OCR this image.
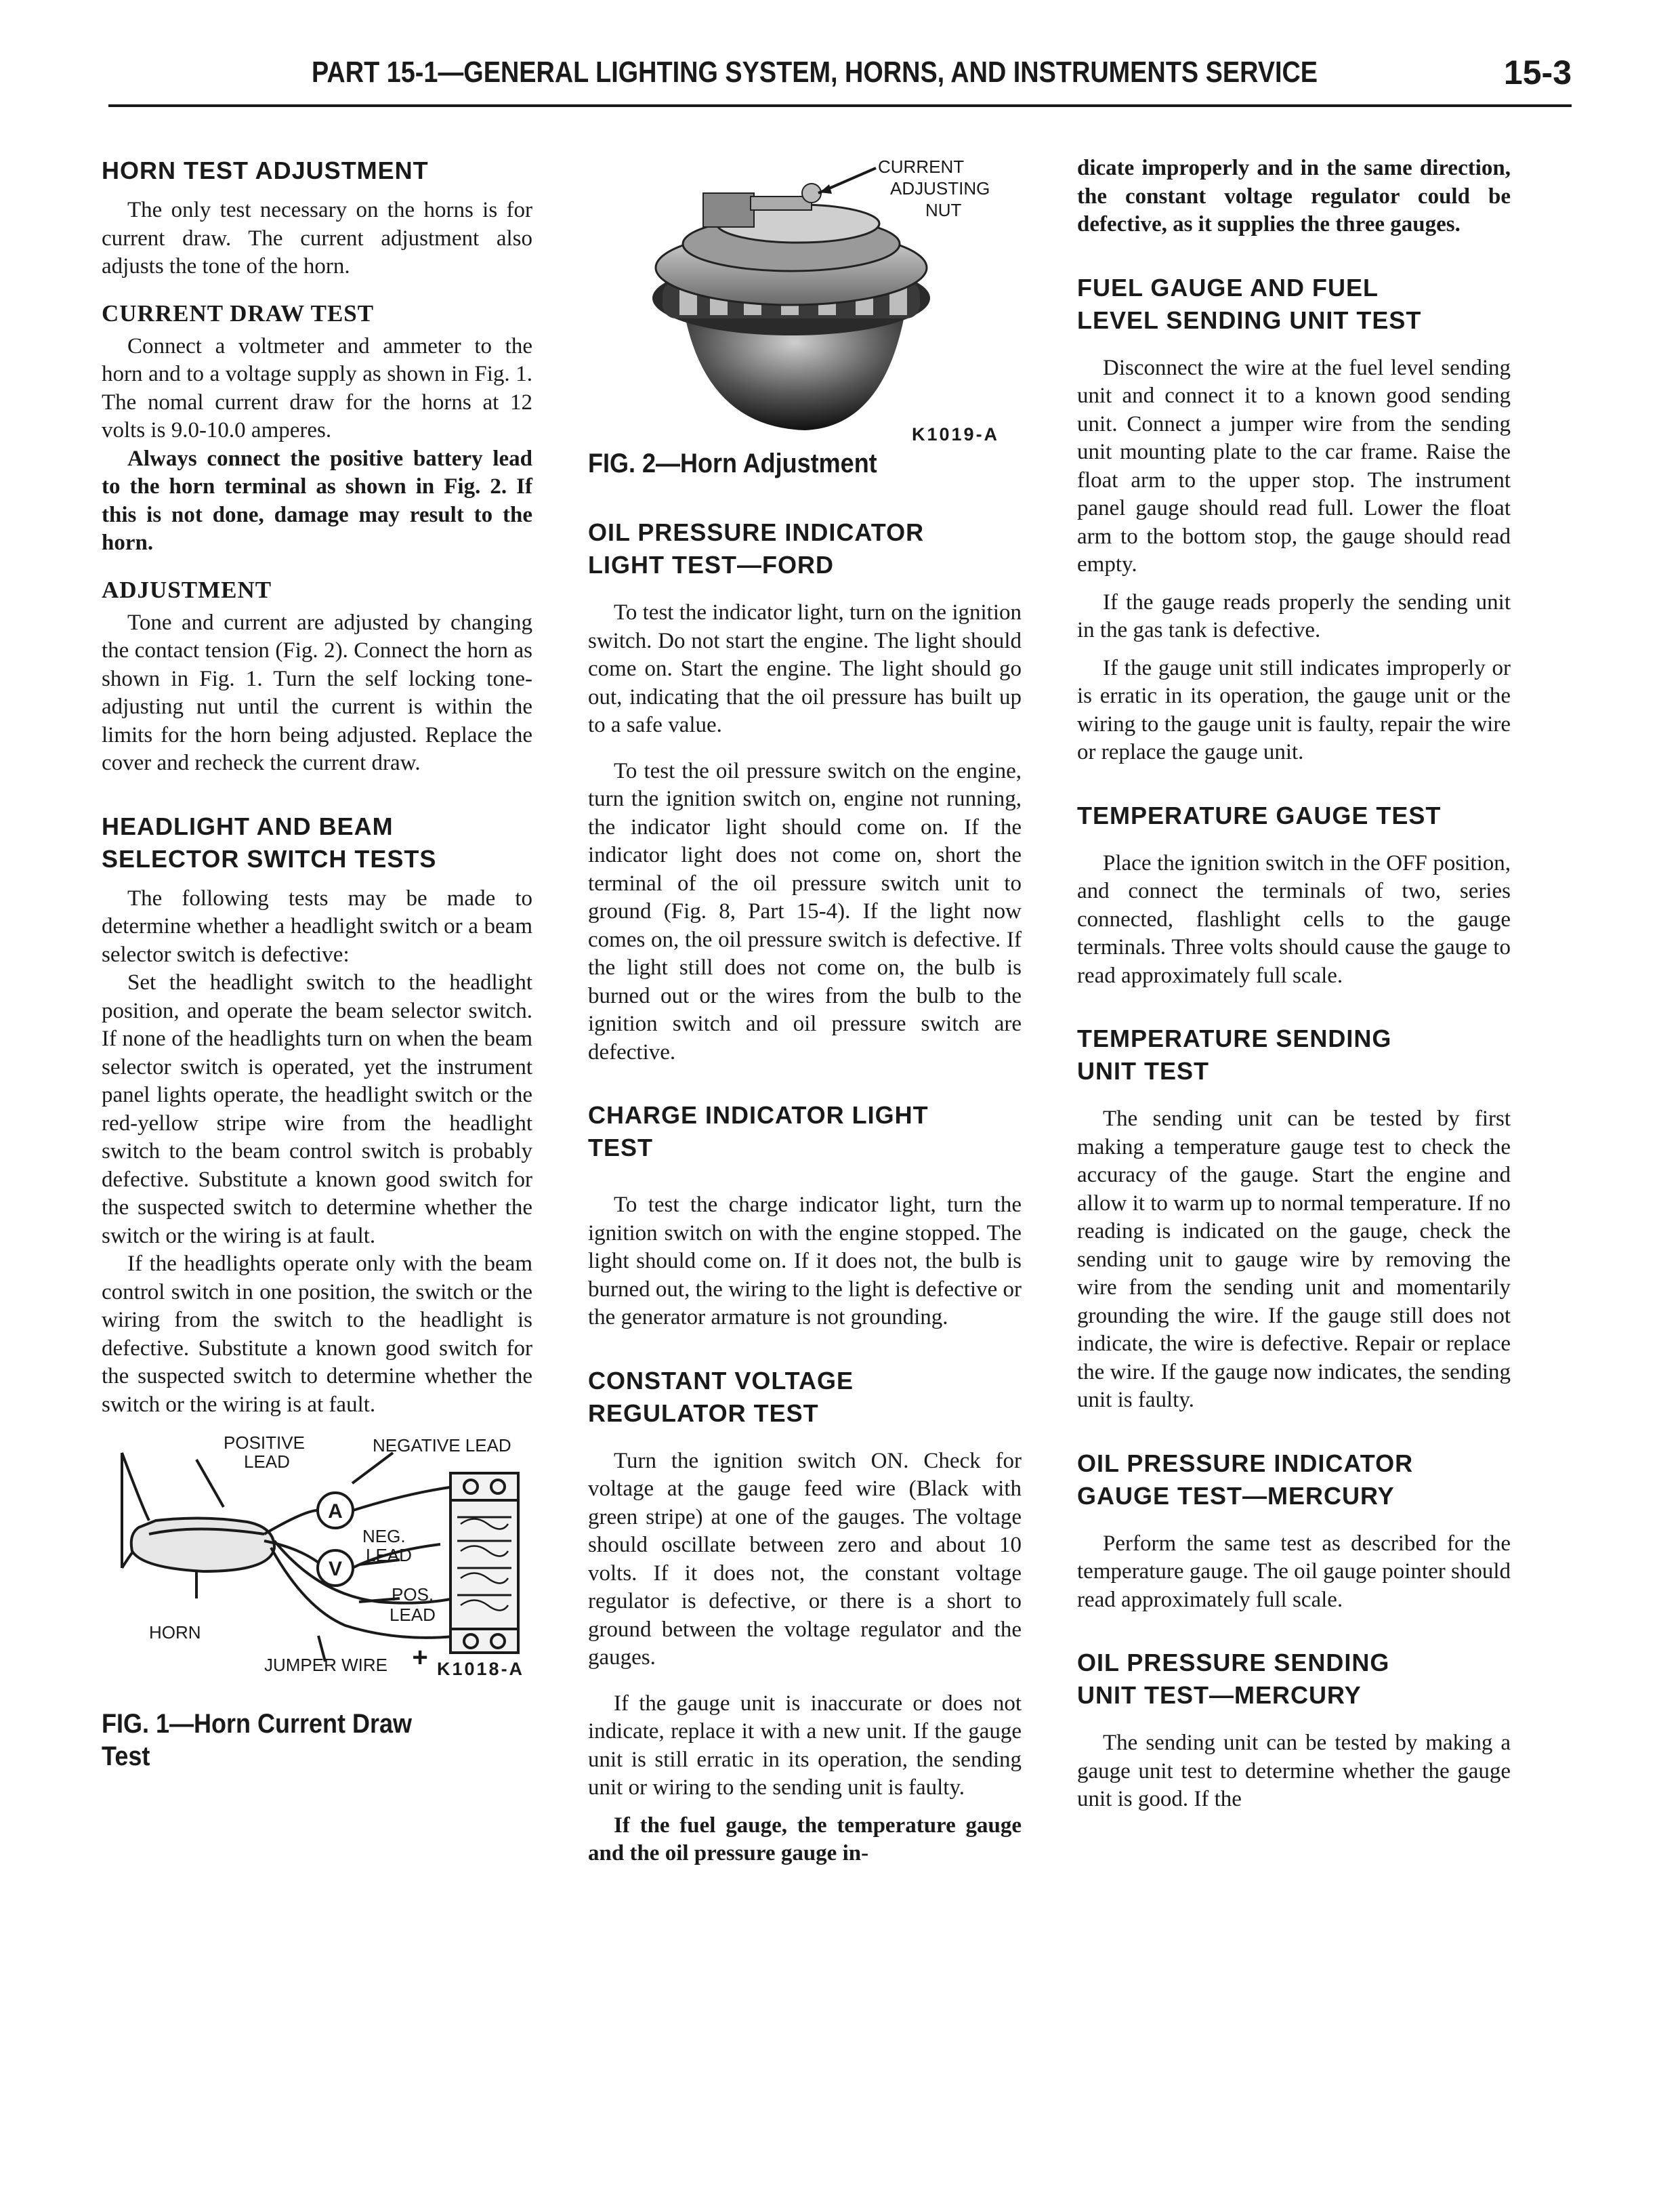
PART 15-1—GENERAL LIGHTING SYSTEM, HORNS, AND INSTRUMENTS SERVICE	15-3
HORN TEST ADJUSTMENT

The only test necessary on the horns is for current draw. The current adjustment also adjusts the tone of the horn.

CURRENT DRAW TEST

Connect a voltmeter and ammeter to the horn and to a voltage supply as shown in Fig. 1. The nomal current draw for the horns at 12 volts is 9.0-10.0 amperes.

Always connect the positive battery lead to the horn terminal as shown in Fig. 2. If this is not done, damage may result to the horn.

ADJUSTMENT

Tone and current are adjusted by changing the contact tension (Fig. 2). Connect the horn as shown in Fig. 1. Turn the self locking tone-adjusting nut until the current is within the limits for the horn being adjusted. Replace the cover and recheck the current draw.

HEADLIGHT AND BEAM
SELECTOR SWITCH TESTS

The following tests may be made to determine whether a headlight switch or a beam selector switch is defective:

Set the headlight switch to the headlight position, and operate the beam selector switch. If none of the headlights turn on when the beam selector switch is operated, yet the instrument panel lights operate, the headlight switch or the red-yellow stripe wire from the headlight switch to the beam control switch is probably defective. Substitute a known good switch for the suspected switch to determine whether the switch or the wiring is at fault.

If the headlights operate only with the beam control switch in one position, the switch or the wiring from the switch to the headlight is defective. Substitute a known good switch for the suspected switch to determine whether the switch or the wiring is at fault.

A
V
+
POSITIVE
LEAD
NEGATIVE LEAD
NEG.
LEAD
POS.
LEAD
HORN
JUMPER WIRE	K1018-A
FIG. 1—Horn Current Draw
Test
CURRENT
ADJUSTING
NUT
K1019-A
FIG. 2—Horn Adjustment
OIL PRESSURE INDICATOR
LIGHT TEST—FORD

To test the indicator light, turn on the ignition switch. Do not start the engine. The light should come on. Start the engine. The light should go out, indicating that the oil pressure has built up to a safe value.

To test the oil pressure switch on the engine, turn the ignition switch on, engine not running, the indicator light should come on. If the indicator light does not come on, short the terminal of the oil pressure switch unit to ground (Fig. 8, Part 15-4). If the light now comes on, the oil pressure switch is defective. If the light still does not come on, the bulb is burned out or the wires from the bulb to the ignition switch and oil pressure switch are defective.

CHARGE INDICATOR LIGHT
TEST

To test the charge indicator light, turn the ignition switch on with the engine stopped. The light should come on. If it does not, the bulb is burned out, the wiring to the light is defective or the generator armature is not grounding.

CONSTANT VOLTAGE
REGULATOR TEST

Turn the ignition switch ON. Check for voltage at the gauge feed wire (Black with green stripe) at one of the gauges. The voltage should oscillate between zero and about 10 volts. If it does not, the constant voltage regulator is defective, or there is a short to ground between the voltage regulator and the gauges.

If the gauge unit is inaccurate or does not indicate, replace it with a new unit. If the gauge unit is still erratic in its operation, the sending unit or wiring to the sending unit is faulty.

If the fuel gauge, the temperature gauge and the oil pressure gauge in-

dicate improperly and in the same direction, the constant voltage regulator could be defective, as it supplies the three gauges.

FUEL GAUGE AND FUEL
LEVEL SENDING UNIT TEST

Disconnect the wire at the fuel level sending unit and connect it to a known good sending unit. Connect a jumper wire from the sending unit mounting plate to the car frame. Raise the float arm to the upper stop. The instrument panel gauge should read full. Lower the float arm to the bottom stop, the gauge should read empty.

If the gauge reads properly the sending unit in the gas tank is defective.

If the gauge unit still indicates improperly or is erratic in its operation, the gauge unit or the wiring to the gauge unit is faulty, repair the wire or replace the gauge unit.

TEMPERATURE GAUGE TEST

Place the ignition switch in the OFF position, and connect the terminals of two, series connected, flashlight cells to the gauge terminals. Three volts should cause the gauge to read approximately full scale.

TEMPERATURE SENDING
UNIT TEST

The sending unit can be tested by first making a temperature gauge test to check the accuracy of the gauge. Start the engine and allow it to warm up to normal temperature. If no reading is indicated on the gauge, check the sending unit to gauge wire by removing the wire from the sending unit and momentarily grounding the wire. If the gauge still does not indicate, the wire is defective. Repair or replace the wire. If the gauge now indicates, the sending unit is faulty.

OIL PRESSURE INDICATOR
GAUGE TEST—MERCURY

Perform the same test as described for the temperature gauge. The oil gauge pointer should read approximately full scale.

OIL PRESSURE SENDING
UNIT TEST—MERCURY

The sending unit can be tested by making a gauge unit test to determine whether the gauge unit is good. If the
